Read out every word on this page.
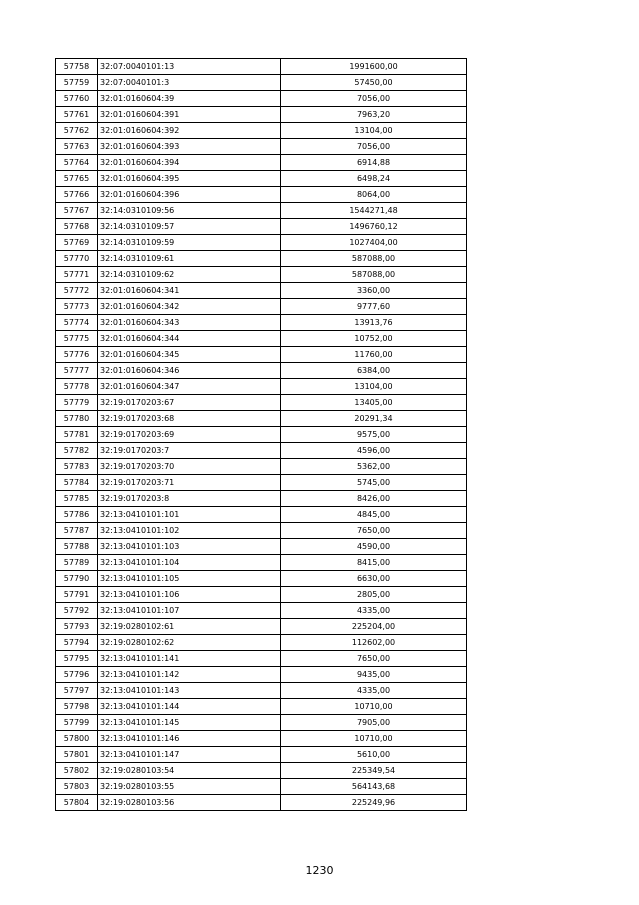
57758	32:07:0040101:13	1991600,00
57759	32:07:0040101:3	57450,00
57760	32:01:0160604:39	7056,00
57761	32:01:0160604:391	7963,20
57762	32:01:0160604:392	13104,00
57763	32:01:0160604:393	7056,00
57764	32:01:0160604:394	6914,88
57765	32:01:0160604:395	6498,24
57766	32:01:0160604:396	8064,00
57767	32:14:0310109:56	1544271,48
57768	32:14:0310109:57	1496760,12
57769	32:14:0310109:59	1027404,00
57770	32:14:0310109:61	587088,00
57771	32:14:0310109:62	587088,00
57772	32:01:0160604:341	3360,00
57773	32:01:0160604:342	9777,60
57774	32:01:0160604:343	13913,76
57775	32:01:0160604:344	10752,00
57776	32:01:0160604:345	11760,00
57777	32:01:0160604:346	6384,00
57778	32:01:0160604:347	13104,00
57779	32:19:0170203:67	13405,00
57780	32:19:0170203:68	20291,34
57781	32:19:0170203:69	9575,00
57782	32:19:0170203:7	4596,00
57783	32:19:0170203:70	5362,00
57784	32:19:0170203:71	5745,00
57785	32:19:0170203:8	8426,00
57786	32:13:0410101:101	4845,00
57787	32:13:0410101:102	7650,00
57788	32:13:0410101:103	4590,00
57789	32:13:0410101:104	8415,00
57790	32:13:0410101:105	6630,00
57791	32:13:0410101:106	2805,00
57792	32:13:0410101:107	4335,00
57793	32:19:0280102:61	225204,00
57794	32:19:0280102:62	112602,00
57795	32:13:0410101:141	7650,00
57796	32:13:0410101:142	9435,00
57797	32:13:0410101:143	4335,00
57798	32:13:0410101:144	10710,00
57799	32:13:0410101:145	7905,00
57800	32:13:0410101:146	10710,00
57801	32:13:0410101:147	5610,00
57802	32:19:0280103:54	225349,54
57803	32:19:0280103:55	564143,68
57804	32:19:0280103:56	225249,96
1230
